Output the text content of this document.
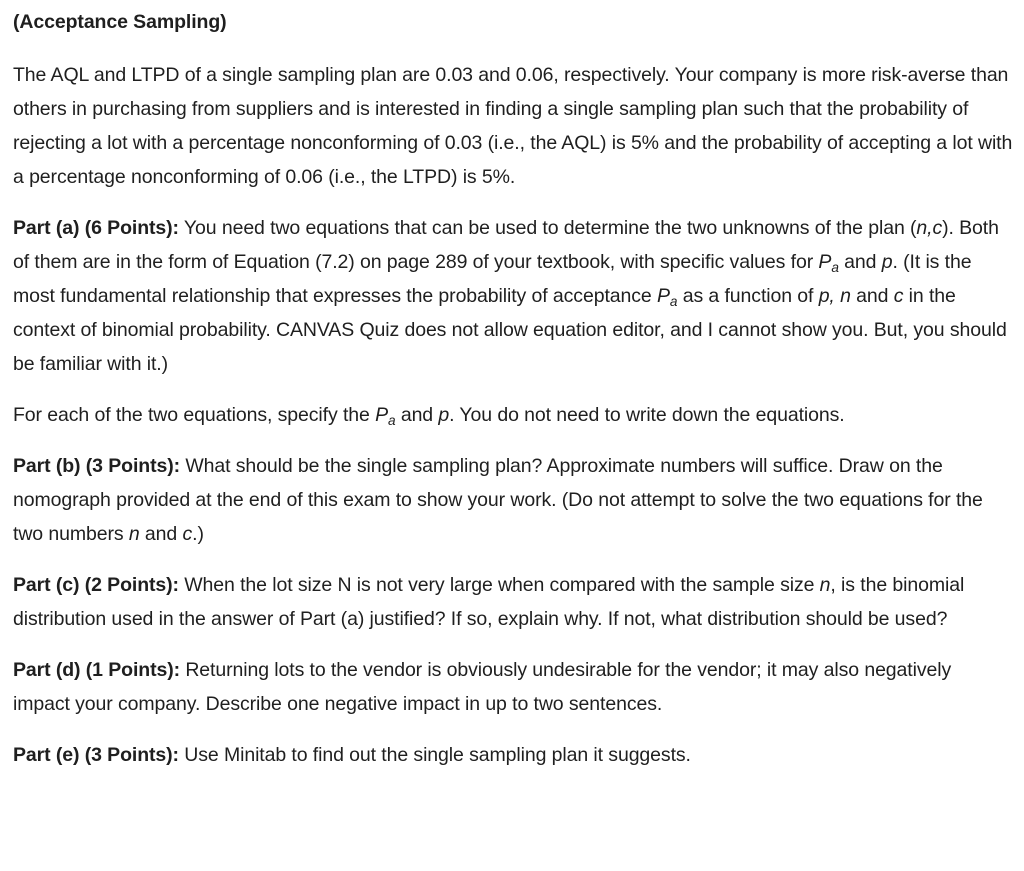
(Acceptance Sampling)

The AQL and LTPD of a single sampling plan are 0.03 and 0.06, respectively. Your company is more risk-averse than others in purchasing from suppliers and is interested in finding a single sampling plan such that the probability of rejecting a lot with a percentage nonconforming of 0.03 (i.e., the AQL) is 5% and the probability of accepting a lot with a percentage nonconforming of 0.06 (i.e., the LTPD) is 5%.

Part (a) (6 Points): You need two equations that can be used to determine the two unknowns of the plan (n,c). Both of them are in the form of Equation (7.2) on page 289 of your textbook, with specific values for $P_a$ and p. (It is the most fundamental relationship that expresses the probability of acceptance $P_a$ as a function of p, n and c in the context of binomial probability. CANVAS Quiz does not allow equation editor, and I cannot show you. But, you should be familiar with it.)

For each of the two equations, specify the $P_a$ and p. You do not need to write down the equations.

Part (b) (3 Points): What should be the single sampling plan? Approximate numbers will suffice. Draw on the nomograph provided at the end of this exam to show your work. (Do not attempt to solve the two equations for the two numbers n and c.)

Part (c) (2 Points): When the lot size N is not very large when compared with the sample size n, is the binomial distribution used in the answer of Part (a) justified? If so, explain why. If not, what distribution should be used?

Part (d) (1 Points): Returning lots to the vendor is obviously undesirable for the vendor; it may also negatively impact your company. Describe one negative impact in up to two sentences.

Part (e) (3 Points): Use Minitab to find out the single sampling plan it suggests.
